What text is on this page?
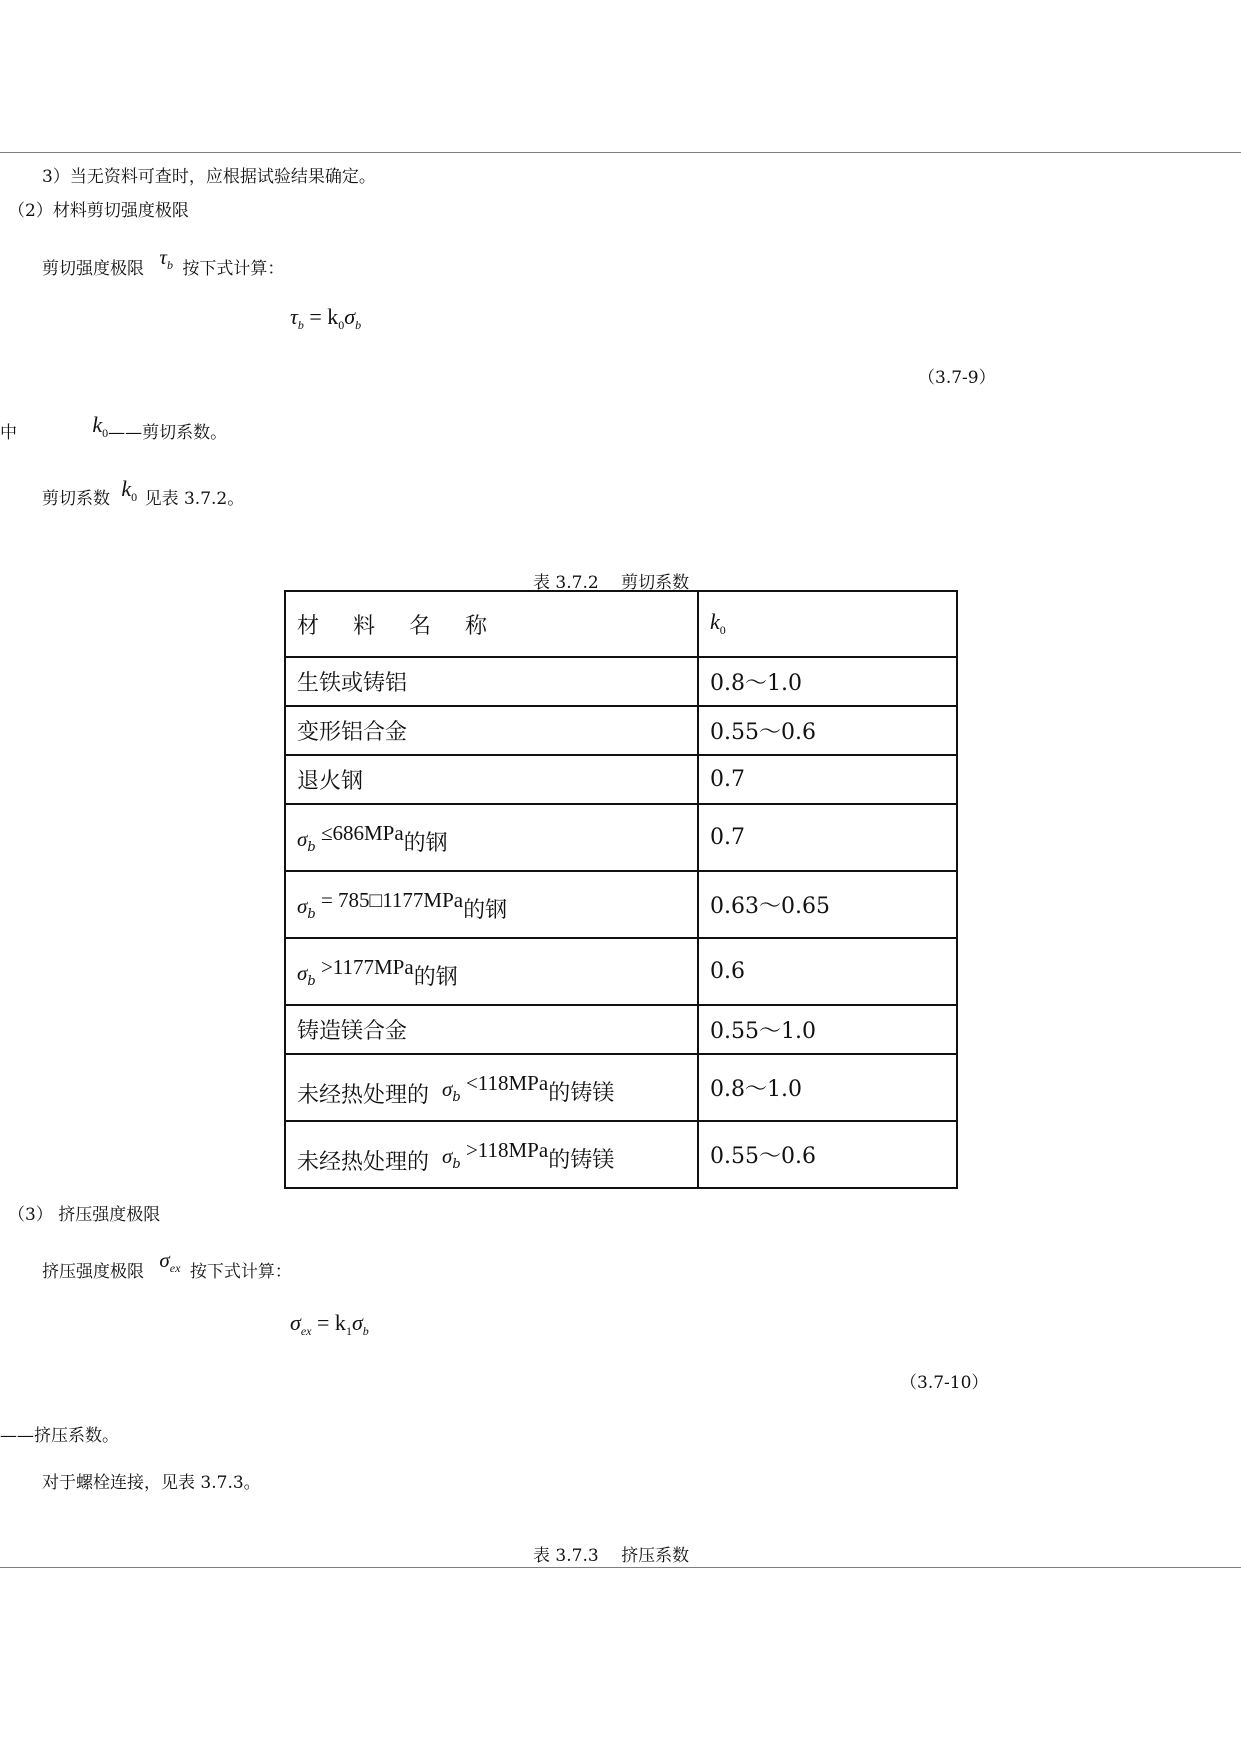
3）当无资料可查时，应根据试验结果确定。
（2）材料剪切强度极限
剪切强度极限 $\tau_b$ 按下式计算：
$\tau_b = k_0\sigma_b$
（3.7-9）
中	$k_0——$剪切系数。
剪切系数 $k_0$ 见表 3.7.2。
表 3.7.2　 剪切系数
材 料 名 称	$k_0$
生铁或铸铝	0.8～1.0
变形铝合金	0.55～0.6
退火钢	0.7
$\sigma_b \le 686MPa$的钢	0.7
$\sigma_b$ = 785□1177MPa的钢	0.63～0.65
$\sigma_b >1177MPa$的钢	0.6
铸造镁合金	0.55～1.0
未经热处理的 $\sigma_b <118MPa$的铸镁	0.8～1.0
未经热处理的 $\sigma_b >118MPa$的铸镁	0.55～0.6
（3） 挤压强度极限
挤压强度极限 $\sigma_{ex}$ 按下式计算：
$\sigma_{ex} = k_1\sigma_b$
（3.7-10）
——挤压系数。
对于螺栓连接，见表 3.7.3。
表 3.7.3　 挤压系数
